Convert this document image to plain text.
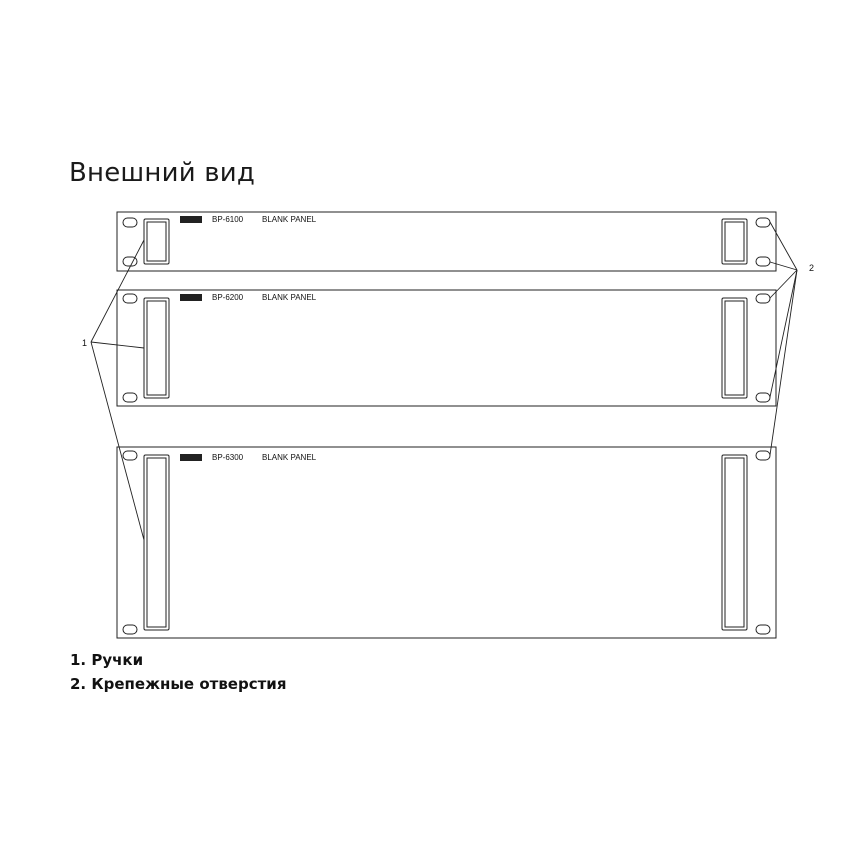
Внешний вид
BP-6100 BLANK PANEL
BP-6200 BLANK PANEL
BP-6300 BLANK PANEL
1
2
1. Ручки
2. Крепежные отверстия
